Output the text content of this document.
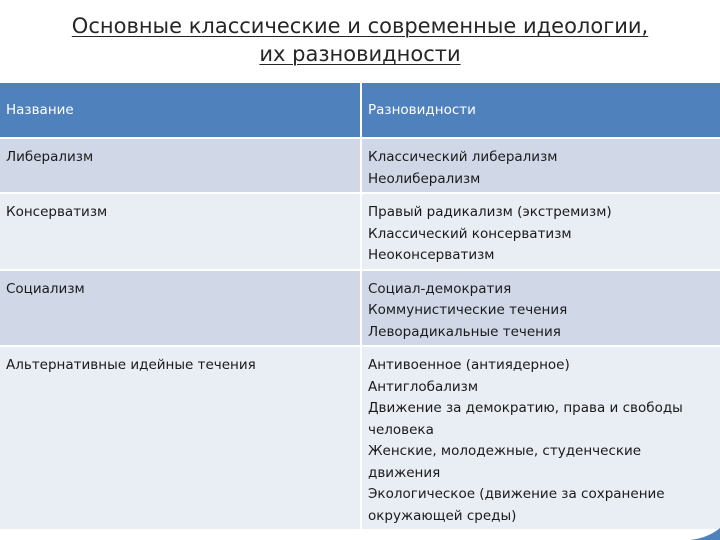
Основные классические и современные идеологии,
их разновидности
Название	Разновидности

Либерализм	Классический либерализм
Неолиберализм

Консерватизм	Правый радикализм (экстремизм)
Классический консерватизм
Неоконсерватизм

Социализм	Социал-демократия
Коммунистические течения
Леворадикальные течения

Альтернативные идейные течения	Антивоенное (антиядерное)
Антиглобализм
Движение за демократию, права и свободы человека
Женские, молодежные, студенческие движения
Экологическое (движение за сохранение окружающей среды)
